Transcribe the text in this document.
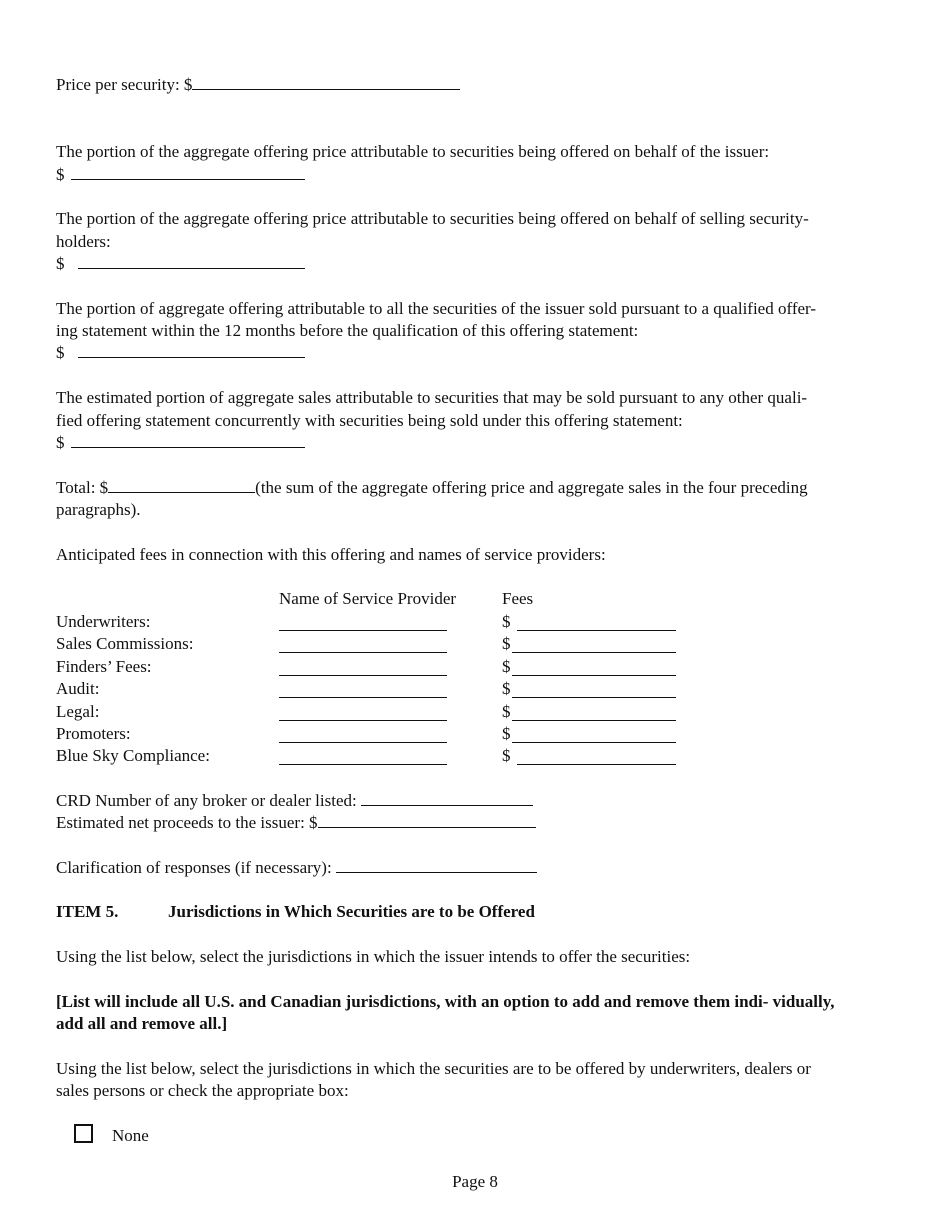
Price per security: $
The portion of the aggregate offering price attributable to securities being offered on behalf of the issuer:
$
The portion of the aggregate offering price attributable to securities being offered on behalf of selling security-
holders:
$
The portion of aggregate offering attributable to all the securities of the issuer sold pursuant to a qualified offer-
ing statement within the 12 months before the qualification of this offering statement:
$
The estimated portion of aggregate sales attributable to securities that may be sold pursuant to any other quali-
fied offering statement concurrently with securities being sold under this offering statement:
$
Total: $	(the sum of the aggregate offering price and aggregate sales in the four preceding
paragraphs).
Anticipated fees in connection with this offering and names of service providers:
Name of Service Provider	Fees
Underwriters:	$
Sales Commissions:	$
Finders’ Fees:	$
Audit:	$
Legal:	$
Promoters:	$
Blue Sky Compliance:	$
CRD Number of any broker or dealer listed:
Estimated net proceeds to the issuer: $
Clarification of responses (if necessary):
ITEM 5.	Jurisdictions in Which Securities are to be Offered
Using the list below, select the jurisdictions in which the issuer intends to offer the securities:
[List will include all U.S. and Canadian jurisdictions, with an option to add and remove them indi- vidually,
add all and remove all.]
Using the list below, select the jurisdictions in which the securities are to be offered by underwriters, dealers or
sales persons or check the appropriate box:
None
Page 8
